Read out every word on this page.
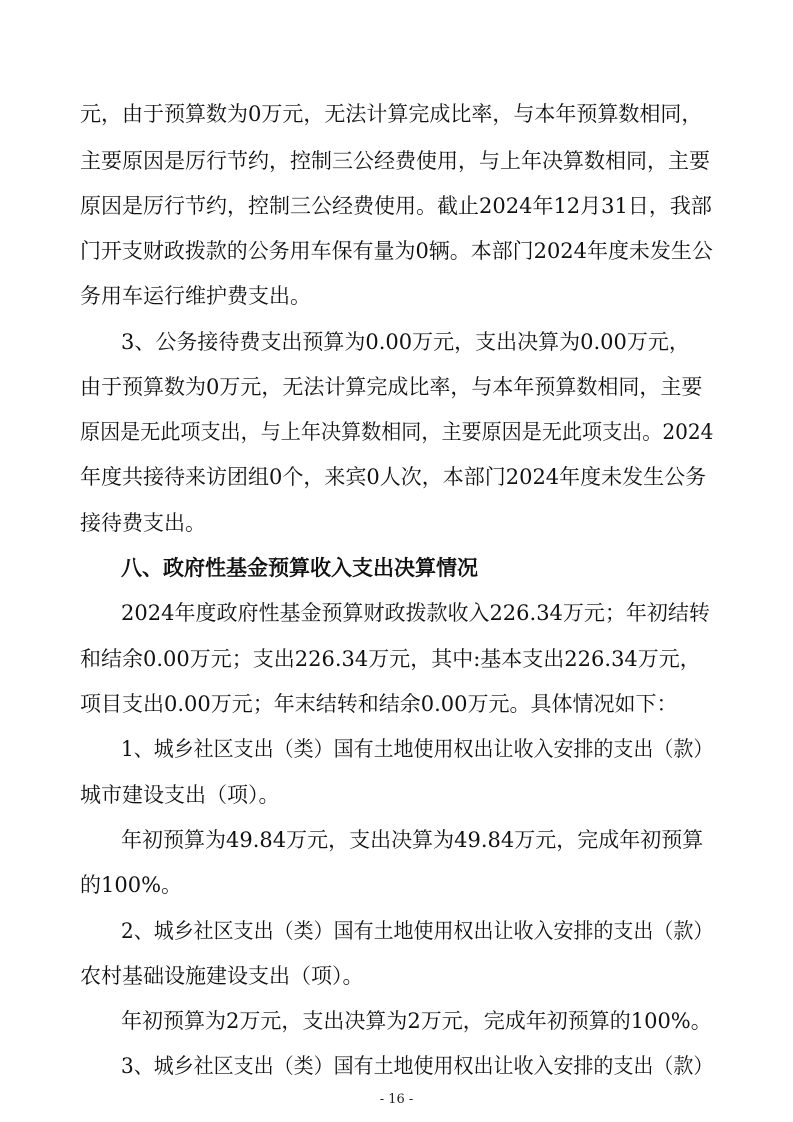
元，由于预算数为0万元，无法计算完成比率，与本年预算数相同，
主要原因是厉行节约，控制三公经费使用，与上年决算数相同，主要
原因是厉行节约，控制三公经费使用。截止2024年12月31日，我部
门开支财政拨款的公务用车保有量为0辆。本部门2024年度未发生公
务用车运行维护费支出。
3、公务接待费支出预算为0.00万元，支出决算为0.00万元，
由于预算数为0万元，无法计算完成比率，与本年预算数相同，主要
原因是无此项支出，与上年决算数相同，主要原因是无此项支出。2024
年度共接待来访团组0个，来宾0人次，本部门2024年度未发生公务
接待费支出。
八、政府性基金预算收入支出决算情况
2024年度政府性基金预算财政拨款收入226.34万元；年初结转
和结余0.00万元；支出226.34万元，其中:基本支出226.34万元，
项目支出0.00万元；年末结转和结余0.00万元。具体情况如下：
1、城乡社区支出（类）国有土地使用权出让收入安排的支出（款）
城市建设支出（项）。
年初预算为49.84万元，支出决算为49.84万元，完成年初预算
的100%。
2、城乡社区支出（类）国有土地使用权出让收入安排的支出（款）
农村基础设施建设支出（项）。
年初预算为2万元，支出决算为2万元，完成年初预算的100%。
3、城乡社区支出（类）国有土地使用权出让收入安排的支出（款）
- 16 -
